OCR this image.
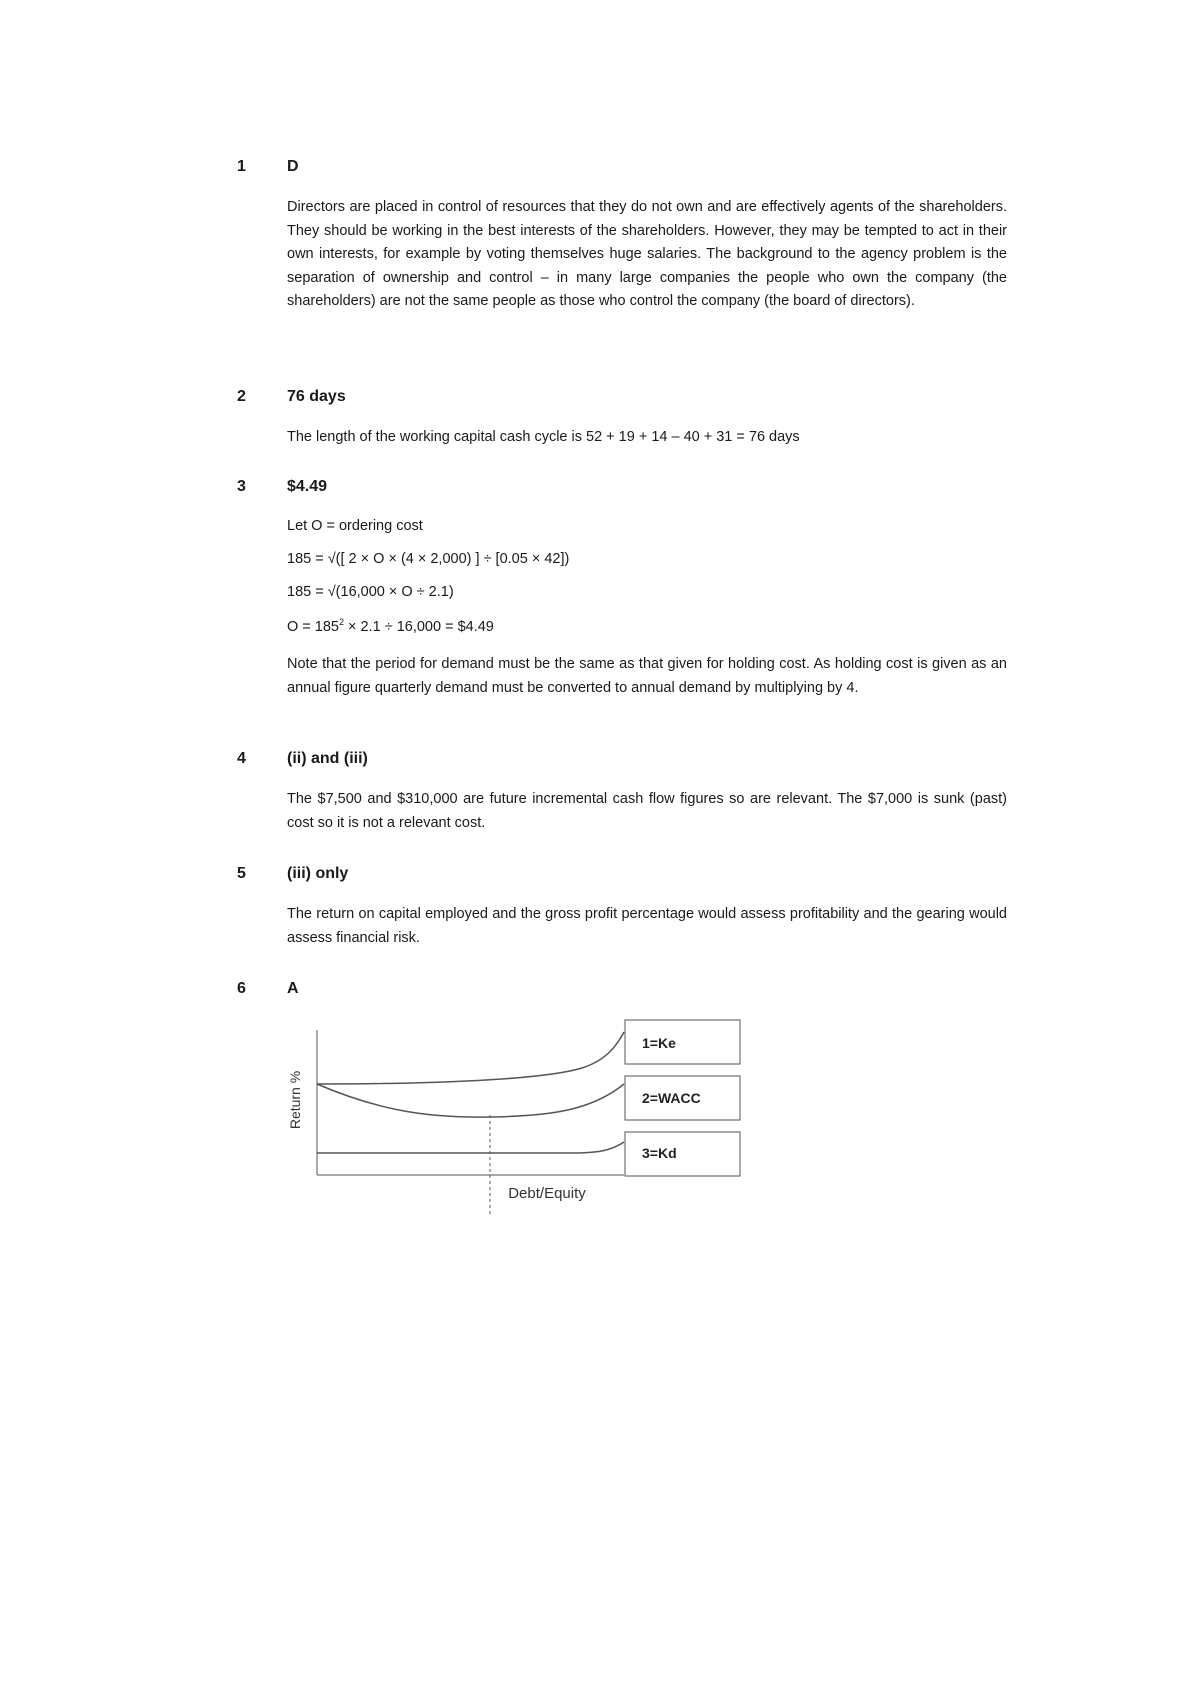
1	D
Directors are placed in control of resources that they do not own and are effectively agents of the shareholders. They should be working in the best interests of the shareholders. However, they may be tempted to act in their own interests, for example by voting themselves huge salaries. The background to the agency problem is the separation of ownership and control – in many large companies the people who own the company (the shareholders) are not the same people as those who control the company (the board of directors).
2	76 days
The length of the working capital cash cycle is 52 + 19 + 14 – 40 + 31 = 76 days
3	$4.49
Let O = ordering cost
185 = √([ 2 × O × (4 × 2,000) ] ÷ [0.05 × 42])
185 = √(16,000 × O ÷ 2.1)
$O = 185^2 \times 2.1 \div 16,000$ = $4.49
Note that the period for demand must be the same as that given for holding cost. As holding cost is given as an annual figure quarterly demand must be converted to annual demand by multiplying by 4.
4	(ii) and (iii)
The $7,500 and $310,000 are future incremental cash flow figures so are relevant. The $7,000 is sunk (past) cost so it is not a relevant cost.
5	(iii) only
The return on capital employed and the gross profit percentage would assess profitability and the gearing would assess financial risk.
6	A
Return %
Debt/Equity
1=Ke
2=WACC
3=Kd
